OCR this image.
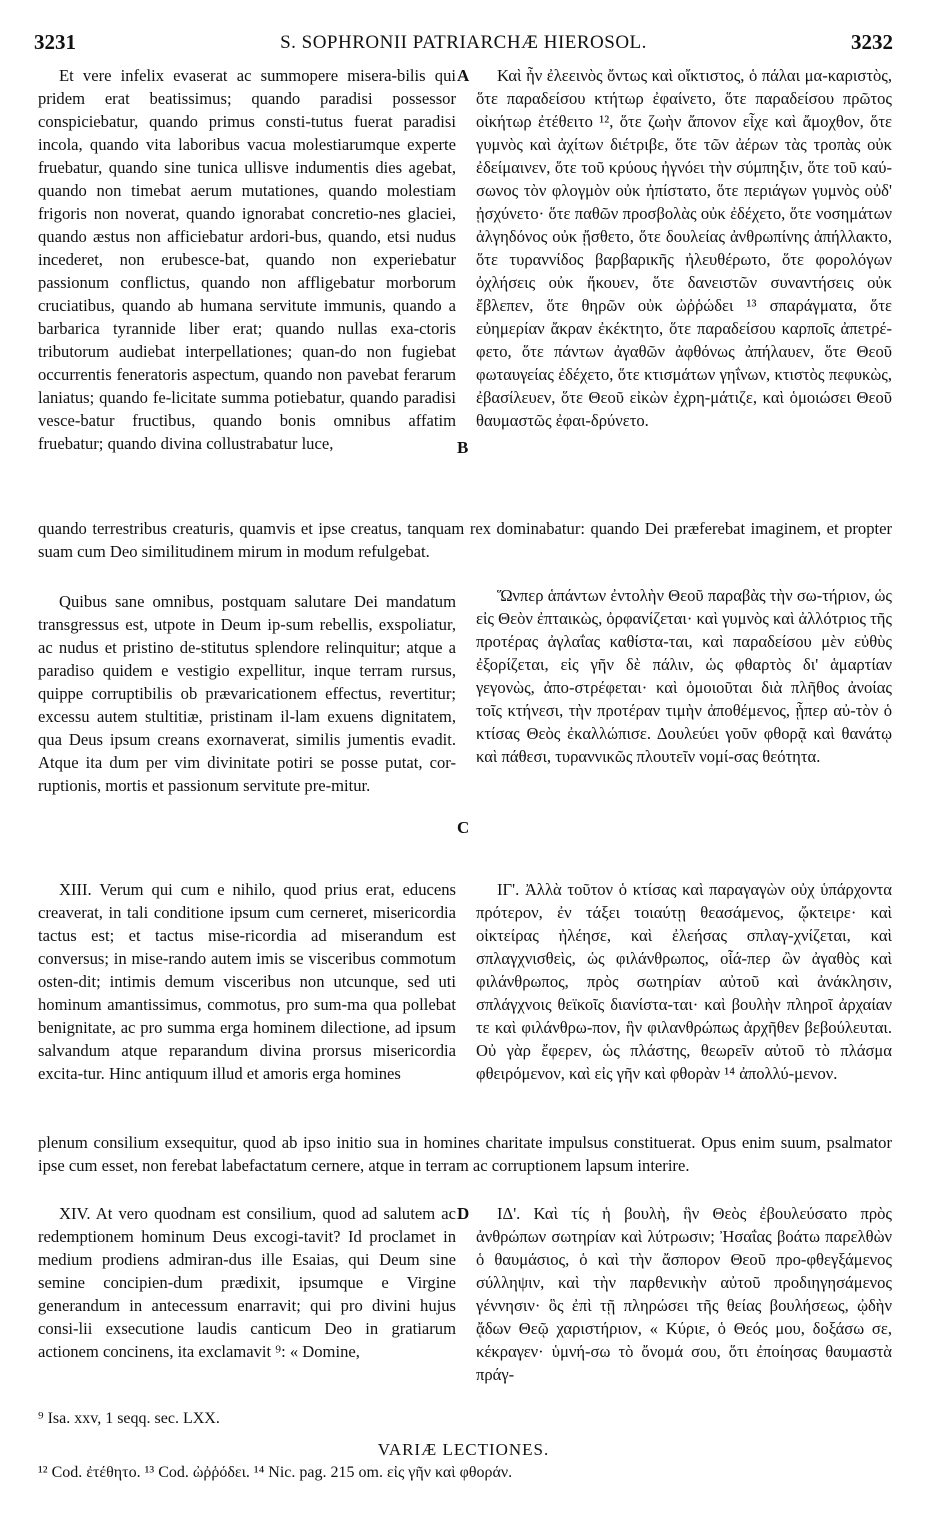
3231	S. SOPHRONII PATRIARCHÆ HIEROSOL.	3232

Et vere infelix evaserat ac summopere misera-bilis qui pridem erat beatissimus; quando paradisi possessor conspiciebatur, quando primus consti-tutus fuerat paradisi incola, quando vita laboribus vacua molestiarumque experte fruebatur, quando sine tunica ullisve indumentis dies agebat, quando non timebat aerum mutationes, quando molestiam frigoris non noverat, quando ignorabat concretio-nes glaciei, quando æstus non afficiebatur ardori-bus, quando, etsi nudus incederet, non erubesce-bat, quando non experiebatur passionum conflictus, quando non affligebatur morborum cruciatibus, quando ab humana servitute immunis, quando a barbarica tyrannide liber erat; quando nullas exa-ctoris tributorum audiebat interpellationes; quan-do non fugiebat occurrentis feneratoris aspectum, quando non pavebat ferarum laniatus; quando fe-licitate summa potiebatur, quando paradisi vesce-batur fructibus, quando bonis omnibus affatim fruebatur; quando divina collustrabatur luce,

A	Καὶ ἦν ἐλεεινὸς ὄντως καὶ οἴκτιστος, ὁ πάλαι μα-καριστὸς, ὅτε παραδείσου κτήτωρ ἐφαίνετο, ὅτε παραδείσου πρῶτος οἰκήτωρ ἐτέθειτο ¹², ὅτε ζωὴν ἄπονον εἶχε καὶ ἄμοχθον, ὅτε γυμνὸς καὶ ἀχίτων διέτριβε, ὅτε τῶν ἀέρων τὰς τροπὰς οὐκ ἐδείμαινεν, ὅτε τοῦ κρύους ἠγνόει τὴν σύμπηξιν, ὅτε τοῦ καύ-σωνος τὸν φλογμὸν οὐκ ἠπίστατο, ὅτε περιάγων γυμνὸς οὐδ' ᾐσχύνετο· ὅτε παθῶν προσβολὰς οὐκ ἐδέχετο, ὅτε νοσημάτων ἀλγηδόνος οὐκ ᾔσθετο, ὅτε δουλείας ἀνθρωπίνης ἀπήλλακτο, ὅτε τυραννίδος βαρβαρικῆς ἠλευθέρωτο, ὅτε φορολόγων ὀχλήσεις οὐκ ἤκουεν, ὅτε δανειστῶν συναντήσεις οὐκ ἔβλεπεν, ὅτε θηρῶν οὐκ ὠῤῥώδει ¹³ σπαράγματα, ὅτε εὐημερίαν ἄκραν ἐκέκτητο, ὅτε παραδείσου καρποῖς ἀπετρέ-φετο, ὅτε πάντων ἀγαθῶν ἀφθόνως ἀπήλαυεν, ὅτε Θεοῦ φωταυγείας ἐδέχετο, ὅτε κτισμάτων γηΐνων, κτιστὸς πεφυκὼς, ἐβασίλευεν, ὅτε Θεοῦ εἰκὼν ἐχρη-μάτιζε, καὶ ὁμοιώσει Θεοῦ θαυμαστῶς ἐφαι-δρύνετο.

B

quando terrestribus creaturis, quamvis et ipse creatus, tanquam rex dominabatur: quando Dei præferebat imaginem, et propter suam cum Deo similitudinem mirum in modum refulgebat.

Quibus sane omnibus, postquam salutare Dei mandatum transgressus est, utpote in Deum ip-sum rebellis, exspoliatur, ac nudus et pristino de-stitutus splendore relinquitur; atque a paradiso quidem e vestigio expellitur, inque terram rursus, quippe corruptibilis ob prævaricationem effectus, revertitur; excessu autem stultitiæ, pristinam il-lam exuens dignitatem, qua Deus ipsum creans exornaverat, similis jumentis evadit. Atque ita dum per vim divinitate potiri se posse putat, cor-ruptionis, mortis et passionum servitute pre-mitur.

Ὥνπερ ἁπάντων ἐντολὴν Θεοῦ παραβὰς τὴν σω-τήριον, ὡς εἰς Θεὸν ἐπταικὼς, ὀρφανίζεται· καὶ γυμνὸς καὶ ἀλλότριος τῆς προτέρας ἀγλαΐας καθίστα-ται, καὶ παραδείσου μὲν εὐθὺς ἐξορίζεται, εἰς γῆν δὲ πάλιν, ὡς φθαρτὸς δι' ἁμαρτίαν γεγονὼς, ἀπο-στρέφεται· καὶ ὁμοιοῦται διὰ πλῆθος ἀνοίας τοῖς κτήνεσι, τὴν προτέραν τιμὴν ἀποθέμενος, ᾗπερ αὐ-τὸν ὁ κτίσας Θεὸς ἐκαλλώπισε. Δουλεύει γοῦν φθορᾷ καὶ θανάτῳ καὶ πάθεσι, τυραννικῶς πλουτεῖν νομί-σας θεότητα.

C

XIII. Verum qui cum e nihilo, quod prius erat, educens creaverat, in tali conditione ipsum cum cerneret, misericordia tactus est; et tactus mise-ricordia ad miserandum est conversus; in mise-rando autem imis se visceribus commotum osten-dit; intimis demum visceribus non utcunque, sed uti hominum amantissimus, commotus, pro sum-ma qua pollebat benignitate, ac pro summa erga hominem dilectione, ad ipsum salvandum atque reparandum divina prorsus misericordia excita-tur. Hinc antiquum illud et amoris erga homines

ΙΓ'. Ἀλλὰ τοῦτον ὁ κτίσας καὶ παραγαγὼν οὐχ ὑπάρχοντα πρότερον, ἐν τάξει τοιαύτῃ θεασάμενος, ᾤκτειρε· καὶ οἰκτείρας ἠλέησε, καὶ ἐλεήσας σπλαγ-χνίζεται, καὶ σπλαγχνισθεὶς, ὡς φιλάνθρωπος, οἷά-περ ὢν ἀγαθὸς καὶ φιλάνθρωπος, πρὸς σωτηρίαν αὐτοῦ καὶ ἀνάκλησιν, σπλάγχνοις θεϊκοῖς διανίστα-ται· καὶ βουλὴν πληροῖ ἀρχαίαν τε καὶ φιλάνθρω-πον, ἣν φιλανθρώπως ἀρχῆθεν βεβούλευται. Οὐ γὰρ ἔφερεν, ὡς πλάστης, θεωρεῖν αὐτοῦ τὸ πλάσμα φθειρόμενον, καὶ εἰς γῆν καὶ φθορὰν ¹⁴ ἀπολλύ-μενον.

plenum consilium exsequitur, quod ab ipso initio sua in homines charitate impulsus constituerat. Opus enim suum, psalmator ipse cum esset, non ferebat labefactatum cernere, atque in terram ac corruptionem lapsum interire.

XIV. At vero quodnam est consilium, quod ad salutem ac redemptionem hominum Deus excogi-tavit? Id proclamet in medium prodiens admiran-dus ille Esaias, qui Deum sine semine concipien-dum prædixit, ipsumque e Virgine generandum in antecessum enarravit; qui pro divini hujus consi-lii exsecutione laudis canticum Deo in gratiarum actionem concinens, ita exclamavit ⁹: « Domine,

D	ΙΔ'. Καὶ τίς ἡ βουλὴ, ἣν Θεὸς ἐβουλεύσατο πρὸς ἀνθρώπων σωτηρίαν καὶ λύτρωσιν; Ἠσαΐας βοάτω παρελθὼν ὁ θαυμάσιος, ὁ καὶ τὴν ἄσπορον Θεοῦ προ-φθεγξάμενος σύλληψιν, καὶ τὴν παρθενικὴν αὐτοῦ προδιηγησάμενος γέννησιν· ὃς ἐπὶ τῇ πληρώσει τῆς θείας βουλήσεως, ᾠδὴν ᾄδων Θεῷ χαριστήριον, « Κύριε, ὁ Θεός μου, δοξάσω σε, κέκραγεν· ὑμνή-σω τὸ ὄνομά σου, ὅτι ἐποίησας θαυμαστὰ πράγ-

⁹ Isa. xxv, 1 seqq. sec. LXX.
VARIÆ LECTIONES.
¹² Cod. ἐτέθητο. ¹³ Cod. ὠῤῥόδει. ¹⁴ Nic. pag. 215 om. εἰς γῆν καὶ φθοράν.
